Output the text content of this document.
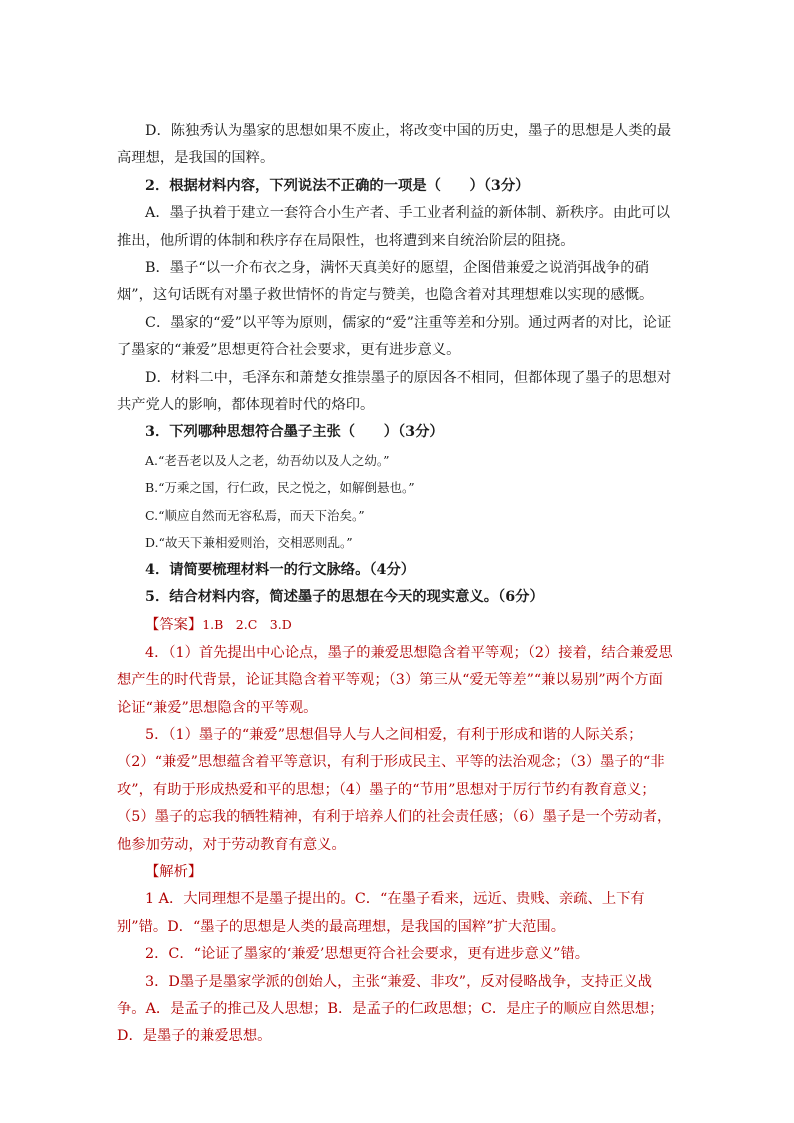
D．陈独秀认为墨家的思想如果不废止，将改变中国的历史，墨子的思想是人类的最高理想，是我国的国粹。

2．根据材料内容，下列说法不正确的一项是（　　）（3分）

A．墨子执着于建立一套符合小生产者、手工业者利益的新体制、新秩序。由此可以推出，他所谓的体制和秩序存在局限性，也将遭到来自统治阶层的阻挠。

B．墨子“以一介布衣之身，满怀天真美好的愿望，企图借兼爱之说消弭战争的硝烟”，这句话既有对墨子救世情怀的肯定与赞美，也隐含着对其理想难以实现的感慨。

C．墨家的“爱”以平等为原则，儒家的“爱”注重等差和分别。通过两者的对比，论证了墨家的“兼爱”思想更符合社会要求，更有进步意义。

D．材料二中，毛泽东和萧楚女推崇墨子的原因各不相同，但都体现了墨子的思想对共产党人的影响，都体现着时代的烙印。

3．下列哪种思想符合墨子主张（　　）（3分）

A.“老吾老以及人之老，幼吾幼以及人之幼。”

B.“万乘之国，行仁政，民之悦之，如解倒悬也。”

C.“顺应自然而无容私焉，而天下治矣。”

D.“故天下兼相爱则治，交相恶则乱。”

4．请简要梳理材料一的行文脉络。（4分）

5．结合材料内容，简述墨子的思想在今天的现实意义。（6分）

【答案】1.B　2.C　3.D

4．（1）首先提出中心论点，墨子的兼爱思想隐含着平等观；（2）接着，结合兼爱思想产生的时代背景，论证其隐含着平等观；（3）第三从“爱无等差”“兼以易别”两个方面论证“兼爱”思想隐含的平等观。

5．（1）墨子的“兼爱”思想倡导人与人之间相爱，有利于形成和谐的人际关系；（2）“兼爱”思想蕴含着平等意识，有利于形成民主、平等的法治观念；（3）墨子的“非攻”，有助于形成热爱和平的思想；（4）墨子的“节用”思想对于厉行节约有教育意义；（5）墨子的忘我的牺牲精神，有利于培养人们的社会责任感；（6）墨子是一个劳动者，他参加劳动，对于劳动教育有意义。

【解析】

1 A．大同理想不是墨子提出的。C．“在墨子看来，远近、贵贱、亲疏、上下有别”错。D．“墨子的思想是人类的最高理想，是我国的国粹”扩大范围。

2．C．“论证了墨家的‘兼爱’思想更符合社会要求，更有进步意义”错。

3．D墨子是墨家学派的创始人，主张“兼爱、非攻”，反对侵略战争，支持正义战争。A．是孟子的推己及人思想；B．是孟子的仁政思想；C．是庄子的顺应自然思想；D．是墨子的兼爱思想。
